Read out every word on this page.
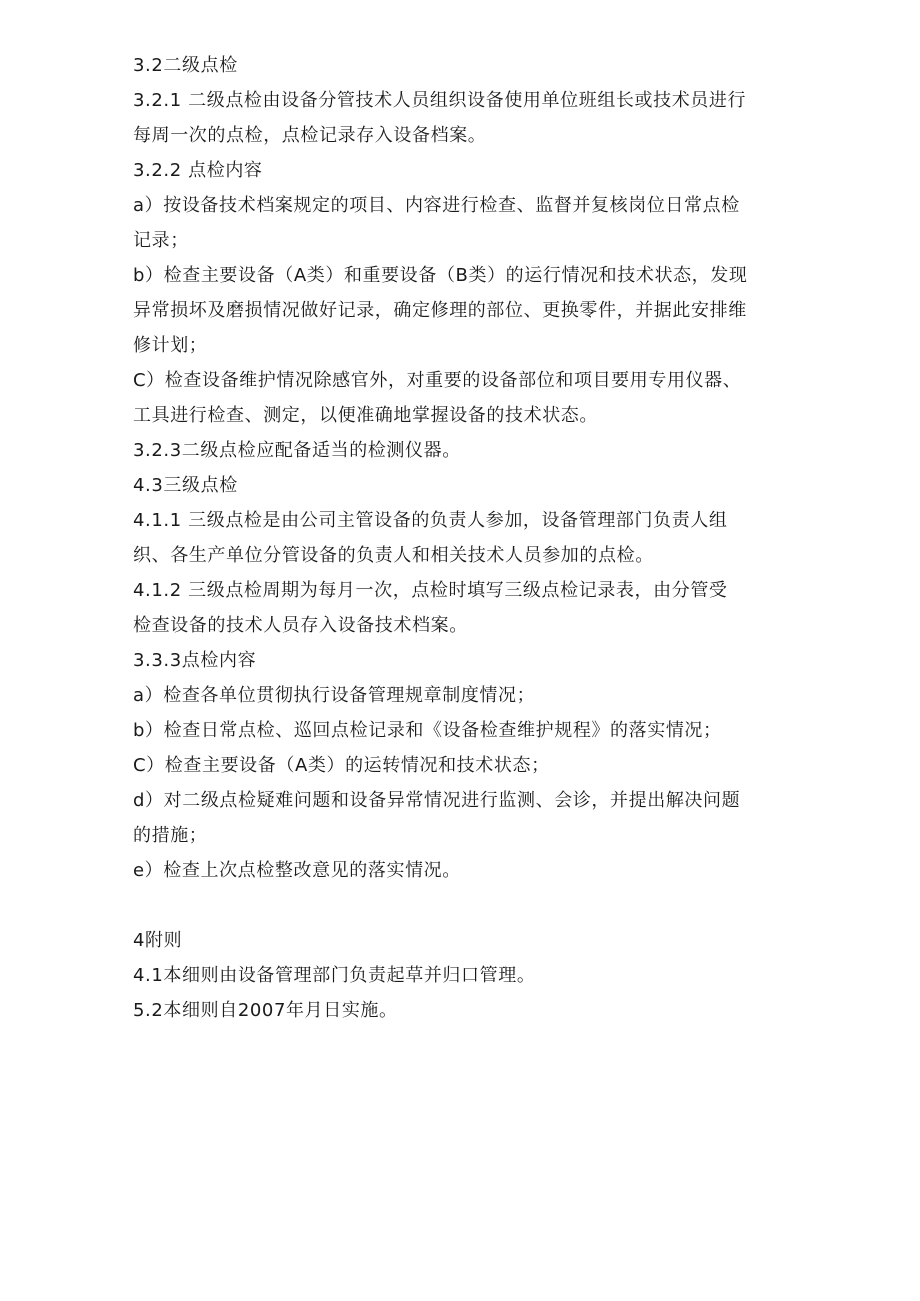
3.2二级点检
3.2.1 二级点检由设备分管技术人员组织设备使用单位班组长或技术员进行
每周一次的点检，点检记录存入设备档案。
3.2.2 点检内容
a）按设备技术档案规定的项目、内容进行检查、监督并复核岗位日常点检
记录；
b）检查主要设备（A类）和重要设备（B类）的运行情况和技术状态，发现
异常损坏及磨损情况做好记录，确定修理的部位、更换零件，并据此安排维
修计划；
C）检查设备维护情况除感官外，对重要的设备部位和项目要用专用仪器、
工具进行检查、测定，以便准确地掌握设备的技术状态。
3.2.3二级点检应配备适当的检测仪器。
4.3三级点检
4.1.1 三级点检是由公司主管设备的负责人参加，设备管理部门负责人组
织、各生产单位分管设备的负责人和相关技术人员参加的点检。
4.1.2 三级点检周期为每月一次，点检时填写三级点检记录表，由分管受
检查设备的技术人员存入设备技术档案。
3.3.3点检内容
a）检查各单位贯彻执行设备管理规章制度情况；
b）检查日常点检、巡回点检记录和《设备检查维护规程》的落实情况；
C）检查主要设备（A类）的运转情况和技术状态；
d）对二级点检疑难问题和设备异常情况进行监测、会诊，并提出解决问题
的措施；
e）检查上次点检整改意见的落实情况。
4附则
4.1本细则由设备管理部门负责起草并归口管理。
5.2本细则自2007年月日实施。
